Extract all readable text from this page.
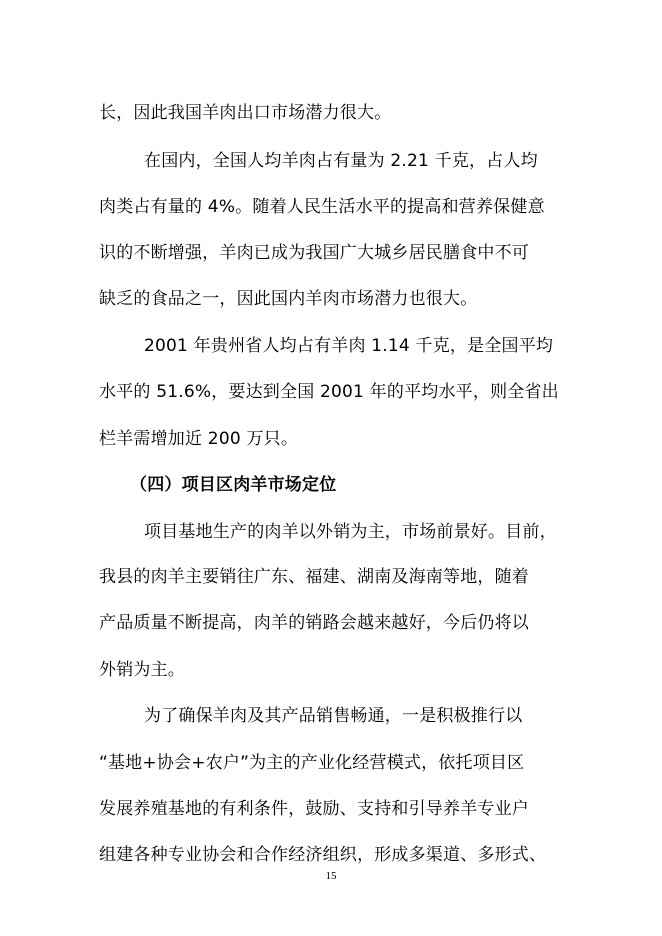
长，因此我国羊肉出口市场潜力很大。
在国内，全国人均羊肉占有量为 2.21 千克，占人均
肉类占有量的 4%。随着人民生活水平的提高和营养保健意
识的不断增强，羊肉已成为我国广大城乡居民膳食中不可
缺乏的食品之一，因此国内羊肉市场潜力也很大。
2001 年贵州省人均占有羊肉 1.14 千克，是全国平均
水平的 51.6%，要达到全国 2001 年的平均水平，则全省出
栏羊需增加近 200 万只。
（四）项目区肉羊市场定位
项目基地生产的肉羊以外销为主，市场前景好。目前，
我县的肉羊主要销往广东、福建、湖南及海南等地，随着
产品质量不断提高，肉羊的销路会越来越好，今后仍将以
外销为主。
为了确保羊肉及其产品销售畅通，一是积极推行以
“基地+协会+农户”为主的产业化经营模式，依托项目区
发展养殖基地的有利条件，鼓励、支持和引导养羊专业户
组建各种专业协会和合作经济组织，形成多渠道、多形式、
15
